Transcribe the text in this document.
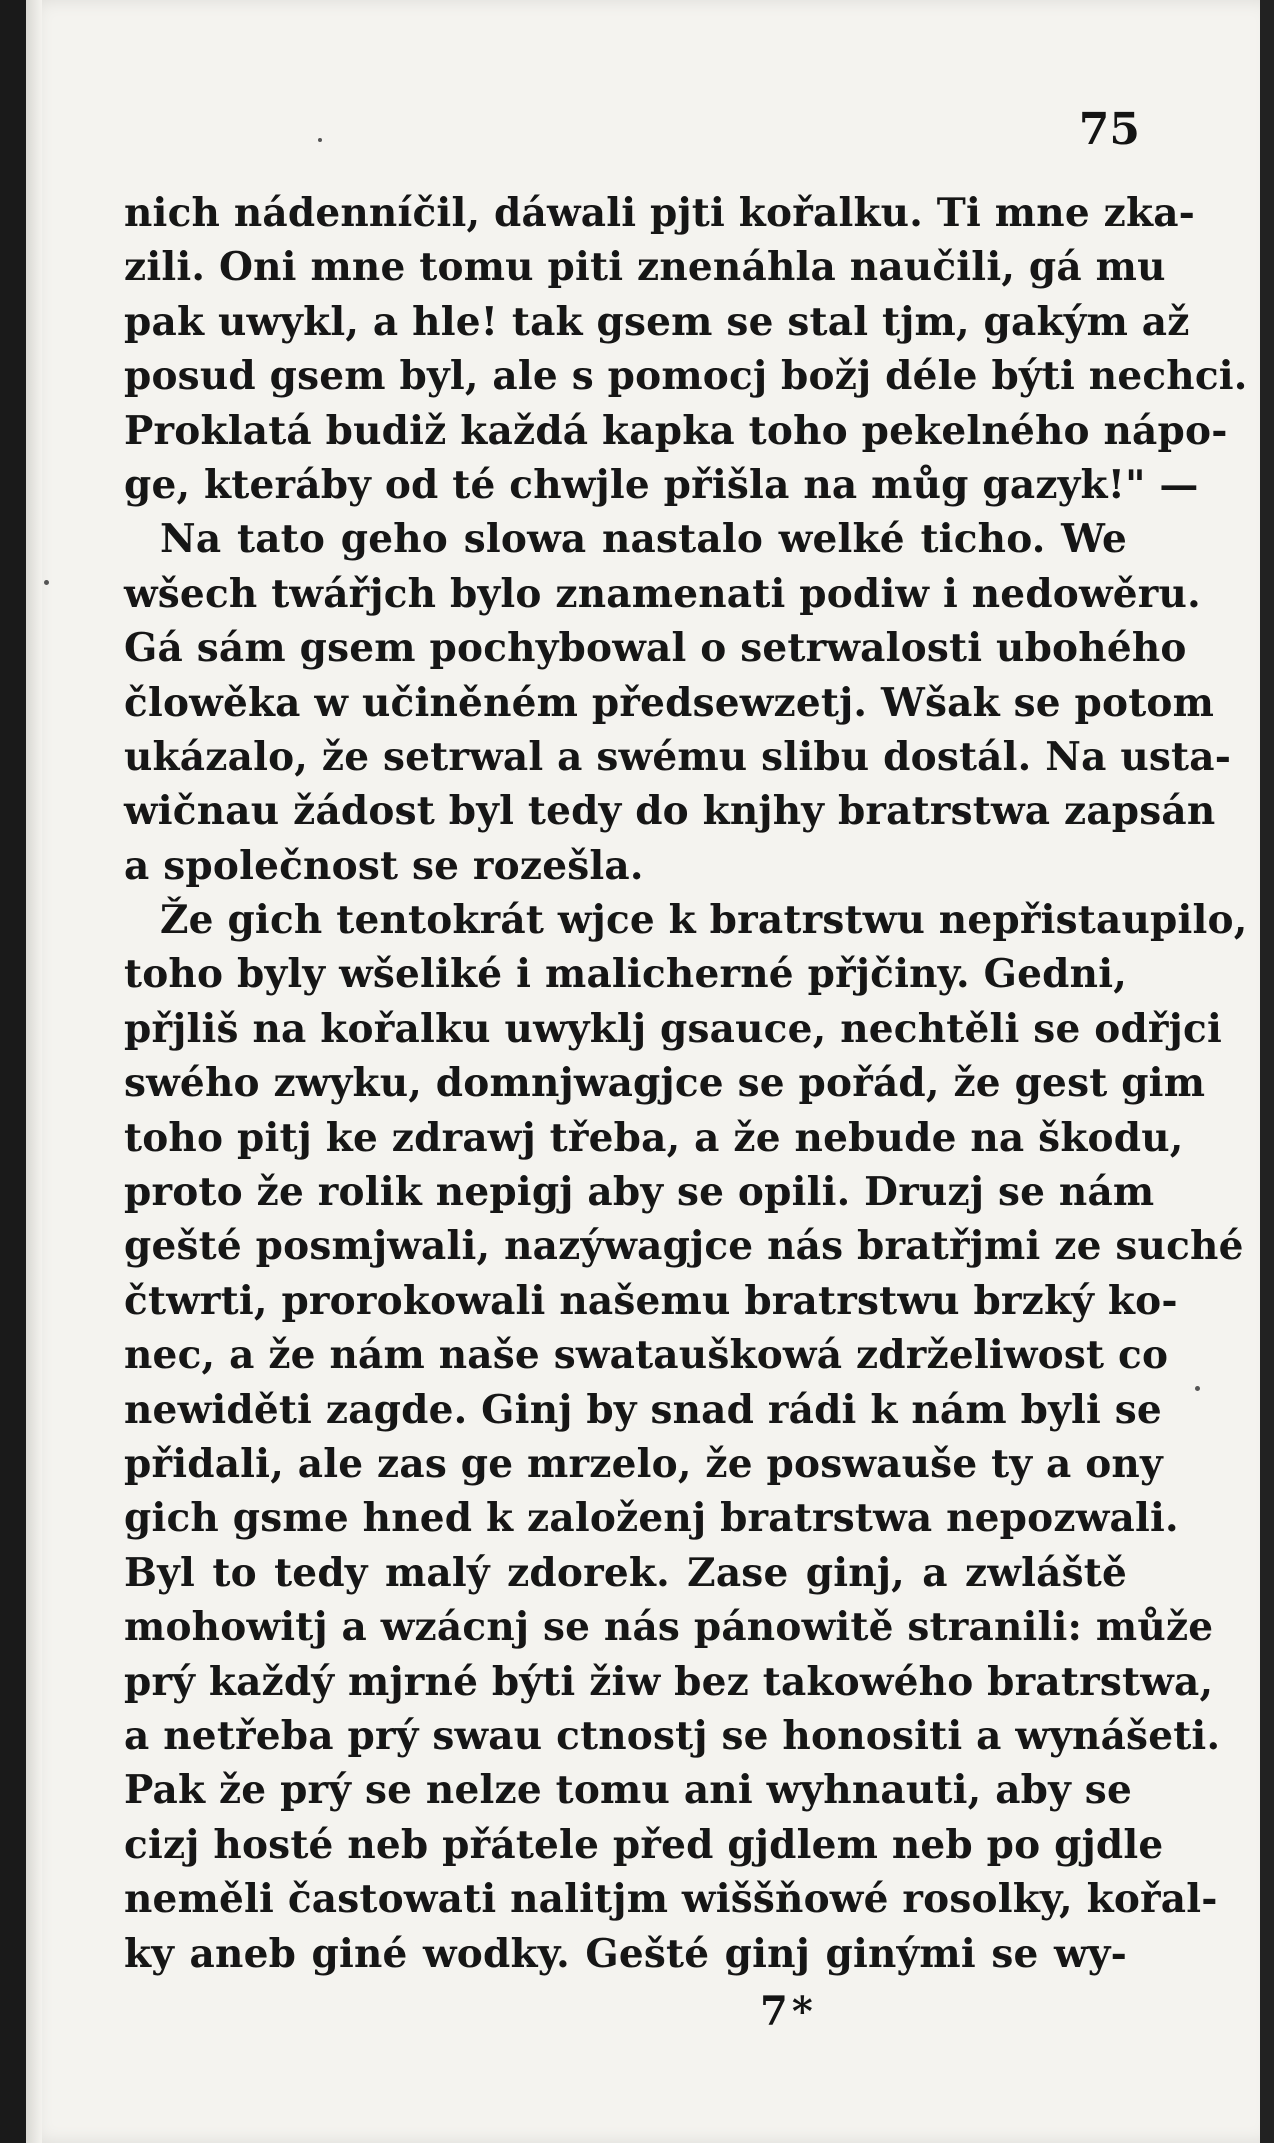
75
nich nádenníčil, dáwali pjti kořalku. Ti mne zka-
zili. Oni mne tomu piti znenáhla naučili, gá mu
pak uwykl, a hle! tak gsem se stal tjm, gakým až
posud gsem byl, ale s pomocj božj déle býti nechci.
Proklatá budiž každá kapka toho pekelného nápo-
ge, kteráby od té chwjle přišla na můg gazyk!" —
Na tato geho slowa nastalo welké ticho. We
wšech twářjch bylo znamenati podiw i nedowěru.
Gá sám gsem pochybowal o setrwalosti ubohého
člowěka w učiněném předsewzetj. Wšak se potom
ukázalo, že setrwal a swému slibu dostál. Na usta-
wičnau žádost byl tedy do knjhy bratrstwa zapsán
a společnost se rozešla.
Že gich tentokrát wjce k bratrstwu nepřistaupilo,
toho byly wšeliké i malicherné přjčiny. Gedni,
přjliš na kořalku uwyklj gsauce, nechtěli se odřjci
swého zwyku, domnjwagjce se pořád, že gest gim
toho pitj ke zdrawj třeba, a že nebude na škodu,
proto že rolik nepigj aby se opili. Druzj se nám
gešté posmjwali, nazýwagjce nás bratřjmi ze suché
čtwrti, prorokowali našemu bratrstwu brzký ko-
nec, a že nám naše swatauškowá zdrželiwost co
newiděti zagde. Ginj by snad rádi k nám byli se
přidali, ale zas ge mrzelo, že poswauše ty a ony
gich gsme hned k založenj bratrstwa nepozwali.
Byl to tedy malý zdorek. Zase ginj, a zwláště
mohowitj a wzácnj se nás pánowitě stranili: může
prý každý mjrné býti žiw bez takowého bratrstwa,
a netřeba prý swau ctnostj se honositi a wynášeti.
Pak že prý se nelze tomu ani wyhnauti, aby se
cizj hosté neb přátele před gjdlem neb po gjdle
neměli častowati nalitjm wiššňowé rosolky, kořal-
ky aneb giné wodky. Gešté ginj ginými se wy-
7*
